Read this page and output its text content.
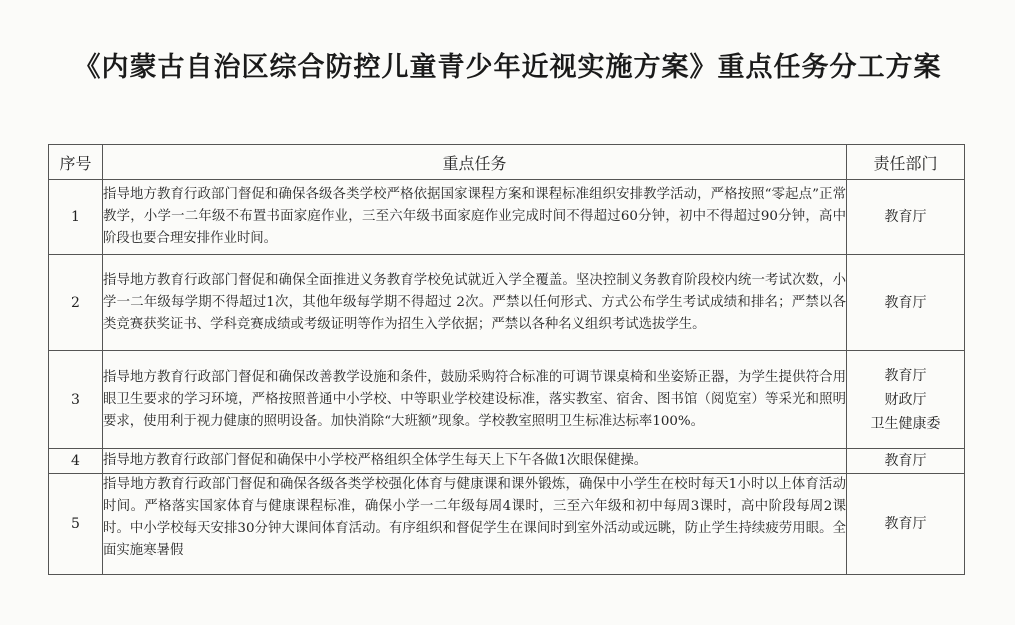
《内蒙古自治区综合防控儿童青少年近视实施方案》重点任务分工方案
序号	重点任务	责任部门
1	指导地方教育行政部门督促和确保各级各类学校严格依据国家课程方案和课程标准组织安排教学活动，严格按照“零起点”正常教学，小学一二年级不布置书面家庭作业，三至六年级书面家庭作业完成时间不得超过60分钟，初中不得超过90分钟，高中阶段也要合理安排作业时间。	教育厅

2	指导地方教育行政部门督促和确保全面推进义务教育学校免试就近入学全覆盖。坚决控制义务教育阶段校内统一考试次数，小学一二年级每学期不得超过1次，其他年级每学期不得超过 2次。严禁以任何形式、方式公布学生考试成绩和排名；严禁以各类竞赛获奖证书、学科竞赛成绩或考级证明等作为招生入学依据；严禁以各种名义组织考试选拔学生。	教育厅

3	指导地方教育行政部门督促和确保改善教学设施和条件，鼓励采购符合标准的可调节课桌椅和坐姿矫正器，为学生提供符合用眼卫生要求的学习环境，严格按照普通中小学校、中等职业学校建设标准，落实教室、宿舍、图书馆（阅览室）等采光和照明要求，使用利于视力健康的照明设备。加快消除“大班额”现象。学校教室照明卫生标准达标率100%。	教育厅
财政厅
卫生健康委

4	指导地方教育行政部门督促和确保中小学校严格组织全体学生每天上下午各做1次眼保健操。	教育厅

5	指导地方教育行政部门督促和确保各级各类学校强化体育与健康课和课外锻炼，确保中小学生在校时每天1小时以上体育活动时间。严格落实国家体育与健康课程标准，确保小学一二年级每周4课时，三至六年级和初中每周3课时，高中阶段每周2课时。中小学校每天安排30分钟大课间体育活动。有序组织和督促学生在课间时到室外活动或远眺，防止学生持续疲劳用眼。全面实施寒暑假	教育厅
